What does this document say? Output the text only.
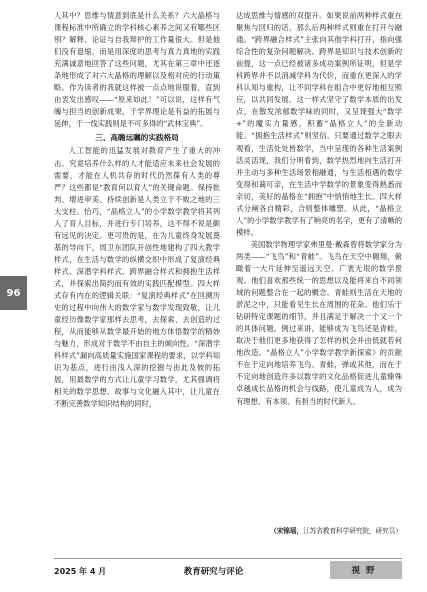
96

人其中？思维与情意到底是什么关系？六大晶格与课程标准中所确立的学科核心素养之间又有哪些区别？解释、论证与自我辩护的工作量很大。但是他们没有退缩，而是用深度的思考与真力真地的实践充满诚意地回答了这些问题，尤其在第三章中还逐条地形成了对六大晶格的理解以及相对应的行动策略。作为读者的我就这样被一点点地说服着，直到由衷发出感叹——“原来如此！”可以说，这样有气魄与担当的创新成果，于学界理论是有益的拓展与延伸，于一线实践则是不可多得的“武林宝典”。

三、高瞻远瞩的实践格局

人工智能的迅猛发展对教育产生了重大的冲击。究竟培养什么样的人才能适应未来社会发展的需要，才能在人机共存的时代仍然葆有人类的尊严？这些都是“教育何以育人”的关键命题。保持批判、增进审美、持续创新是人类立于不败之地的三大支柱。恰巧，“晶格立人”的小学数学教学将其列入了育人目标，并进行专门培养，这不得不说是颇有远见的决定。更可贵的是，在为儿童终身发展奠基的导向下，周卫东团队开创性地建构了四大教学样式，在生活与数学的纵横交织中形成了复演经典样式、深潜学科样式、跨界融合样式和拥抱生活样式，并探索出简约而有效的实践匹配模型。四大样式存有内在的逻辑关联：“复演经典样式”在回溯历史的过程中向伟大的数学家与数学发现致敬，让儿童经历像数学家那样去思考，去探索、去创造的过程，从而能够从数学最开始的地方体悟数学的精妙与魅力，形成对于数学不由自主的倾向性。“深潜学科样式”漏向高质量实施国家课程的要求，以学科知识为基点，进行由浅入深的挖掘与由此及彼的拓展，用最数学的方式让儿童学习数学，尤其强调将相关的数学思想、故事与文化融入其中，让儿童在不断完善数学知识结构的同时，

达成思维与情感的双提升。如果说前两种样式重在聚焦与回归的话，那么后两种样式则重在打开与融通。“跨界融合样式”主张向其他学科打开，指向强综合性的复杂问题解决。跨界是知识与技术创新的前提，这一点已经被诸多成功案例所证明，但是学科跨界并不以消减学科为代价，而重在更深入的学科认知与重构，让不同学科在组合中更好地相互照应，以共同发展。这一样式坚守了数学本质的出发点，在散发浓郁数学味的同时，又呈现强大“数学+”的魔实力量感，积蓄“晶格立人”的全新动能。“拥抱生活样式”则坚信，只要通过数学之眼去观看，生活处处皆数学，当中呈现的各种生活案例活灵活现，我们分明看到，数学热烈地向生活打开并主动与多种生活场景相融通，与生活相遇的数学变得和蔼可亲，在生活中学数学的景象变得熟悉而亲切，美好的晶格在“拥抱”中悄悄地生长。四大样式分阐各自精彩，合则整体雕塑。从此，“晶格立人”的小学数学教学有了响亮的名字，更有了清晰的模样。

美国数学物理学家弗里曼·戴森曾将数学家分为两类——“飞鸟”和“青蛙”。飞鸟在天空中翱翔，俯瞰着一大片延伸至遥远天空、广袤无垠的数学景观。他们喜欢那些统一的思想以及能将来自不同领域的问题整合在一起的概念。青蛙则生活在天地的淤泥之中，只能看见生长在周围的花朵。他们乐于钻研特定课题的细节，并且满足于解决一个又一个的具体问题。例过来讲，能够成为飞鸟还是青蛙，取决于他们更多地获得了怎样的机会并由低就若何地改造。“晶格立人”小学数学教学新探索》的贡献不在于定向地培养飞鸟、青蛙，弹或其他，而在于不定向地创造许多以数学的文化品格促进儿童臻殊卓越成长品格的机会与线路，使儿童成为人，成为有理想、有本领、有担当的时代新人。

（宋锦瑶，江苏省教育科学研究院，研究员）
2025 年 4 月	教育研究与评论	视野
